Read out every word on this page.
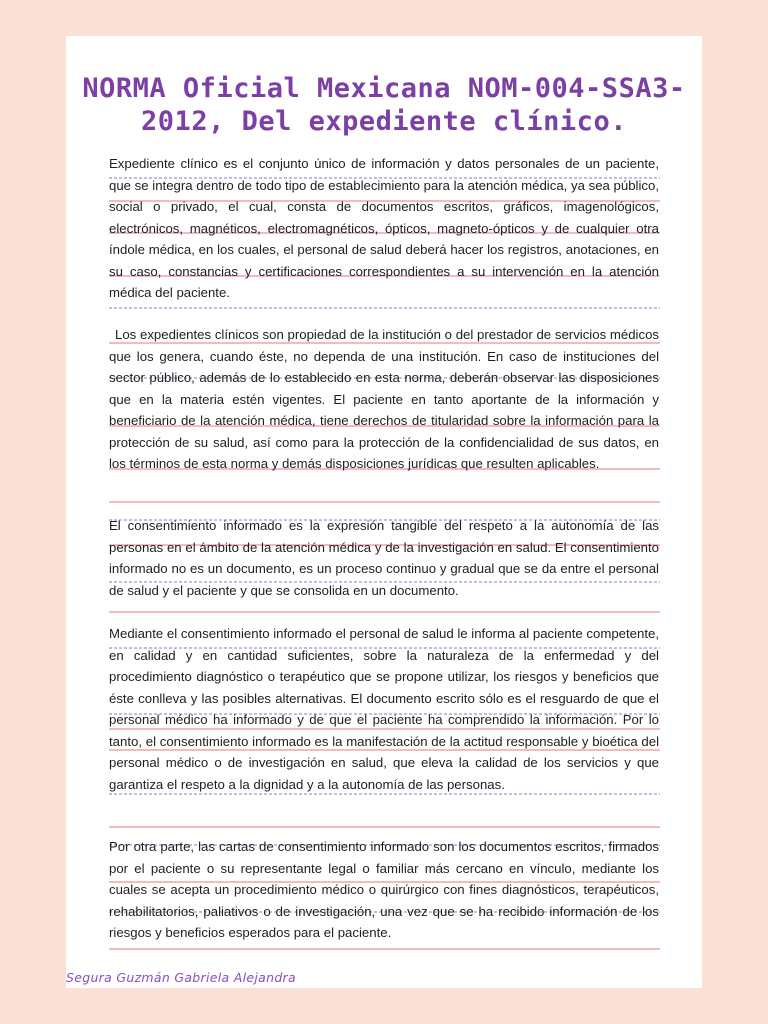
NORMA Oficial Mexicana NOM-004-SSA3-2012, Del expediente clínico.

Expediente clínico es el conjunto único de información y datos personales de un paciente, que se integra dentro de todo tipo de establecimiento para la atención médica, ya sea público, social o privado, el cual, consta de documentos escritos, gráficos, imagenológicos, electrónicos, magnéticos, electromagnéticos, ópticos, magneto-ópticos y de cualquier otra índole médica, en los cuales, el personal de salud deberá hacer los registros, anotaciones, en su caso, constancias y certificaciones correspondientes a su intervención en la atención médica del paciente.

Los expedientes clínicos son propiedad de la institución o del prestador de servicios médicos que los genera, cuando éste, no dependa de una institución. En caso de instituciones del sector público, además de lo establecido en esta norma, deberán observar las disposiciones que en la materia estén vigentes. El paciente en tanto aportante de la información y beneficiario de la atención médica, tiene derechos de titularidad sobre la información para la protección de su salud, así como para la protección de la confidencialidad de sus datos, en los términos de esta norma y demás disposiciones jurídicas que resulten aplicables.

El consentimiento informado es la expresión tangible del respeto a la autonomía de las personas en el ámbito de la atención médica y de la investigación en salud. El consentimiento informado no es un documento, es un proceso continuo y gradual que se da entre el personal de salud y el paciente y que se consolida en un documento.

Mediante el consentimiento informado el personal de salud le informa al paciente competente, en calidad y en cantidad suficientes, sobre la naturaleza de la enfermedad y del procedimiento diagnóstico o terapéutico que se propone utilizar, los riesgos y beneficios que éste conlleva y las posibles alternativas. El documento escrito sólo es el resguardo de que el personal médico ha informado y de que el paciente ha comprendido la información. Por lo tanto, el consentimiento informado es la manifestación de la actitud responsable y bioética del personal médico o de investigación en salud, que eleva la calidad de los servicios y que garantiza el respeto a la dignidad y a la autonomía de las personas.

Por otra parte, las cartas de consentimiento informado son los documentos escritos, firmados por el paciente o su representante legal o familiar más cercano en vínculo, mediante los cuales se acepta un procedimiento médico o quirúrgico con fines diagnósticos, terapéuticos, rehabilitatorios, paliativos o de investigación, una vez que se ha recibido información de los riesgos y beneficios esperados para el paciente.

Segura Guzmán Gabriela Alejandra
